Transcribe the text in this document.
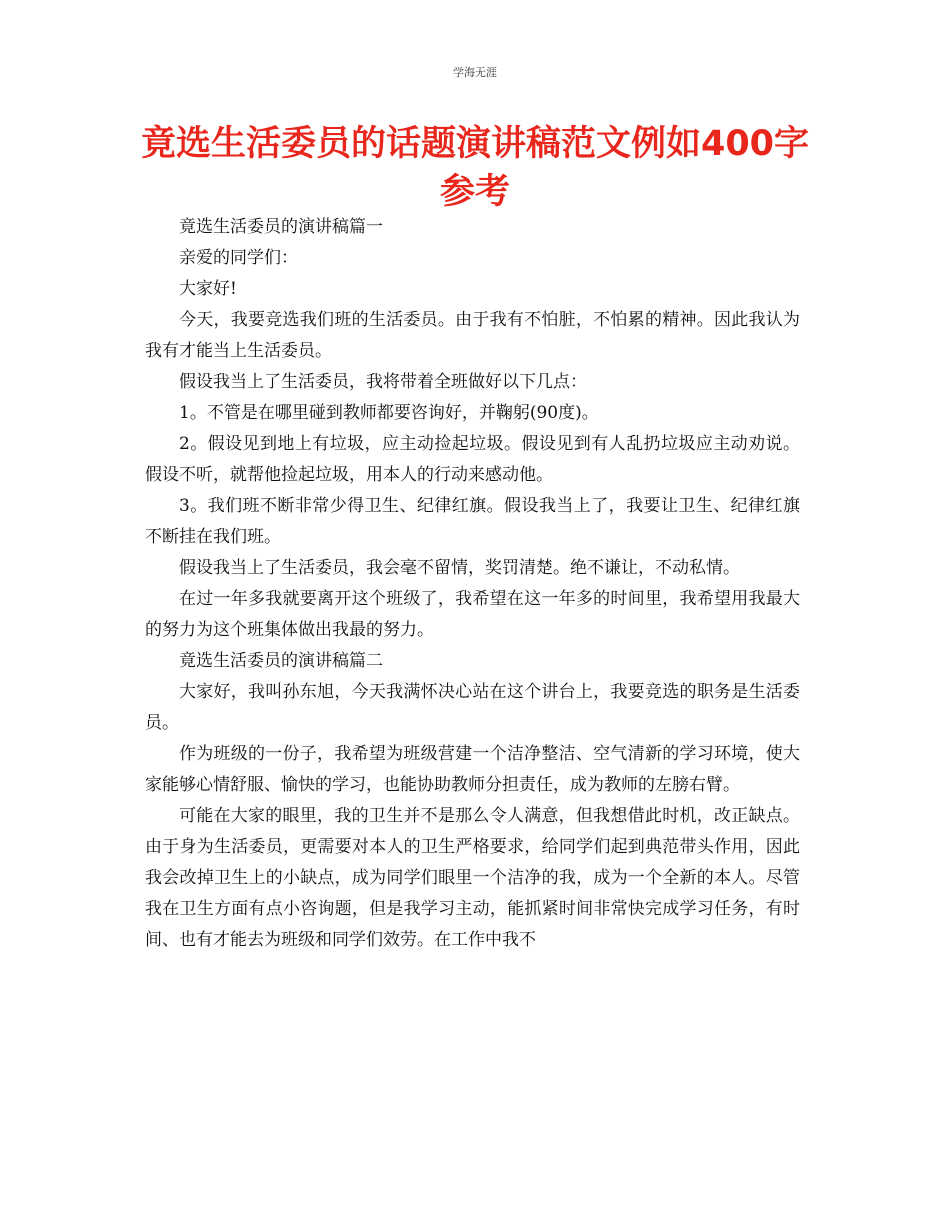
学海无涯
竟选生活委员的话题演讲稿范文例如400字参考

竟选生活委员的演讲稿篇一

亲爱的同学们：

大家好!

今天，我要竞选我们班的生活委员。由于我有不怕脏，不怕累的精神。因此我认为我有才能当上生活委员。

假设我当上了生活委员，我将带着全班做好以下几点：

1。不管是在哪里碰到教师都要咨询好，并鞠躬(90度)。

2。假设见到地上有垃圾，应主动捡起垃圾。假设见到有人乱扔垃圾应主动劝说。假设不听，就帮他捡起垃圾，用本人的行动来感动他。

3。我们班不断非常少得卫生、纪律红旗。假设我当上了，我要让卫生、纪律红旗不断挂在我们班。

假设我当上了生活委员，我会毫不留情，奖罚清楚。绝不谦让，不动私情。

在过一年多我就要离开这个班级了，我希望在这一年多的时间里，我希望用我最大的努力为这个班集体做出我最的努力。

竟选生活委员的演讲稿篇二

大家好，我叫孙东旭，今天我满怀决心站在这个讲台上，我要竞选的职务是生活委员。

作为班级的一份子，我希望为班级营建一个洁净整洁、空气清新的学习环境，使大家能够心情舒服、愉快的学习，也能协助教师分担责任，成为教师的左膀右臂。

可能在大家的眼里，我的卫生并不是那么令人满意，但我想借此时机，改正缺点。由于身为生活委员，更需要对本人的卫生严格要求，给同学们起到典范带头作用，因此我会改掉卫生上的小缺点，成为同学们眼里一个洁净的我，成为一个全新的本人。尽管我在卫生方面有点小咨询题，但是我学习主动，能抓紧时间非常快完成学习任务，有时间、也有才能去为班级和同学们效劳。在工作中我不
